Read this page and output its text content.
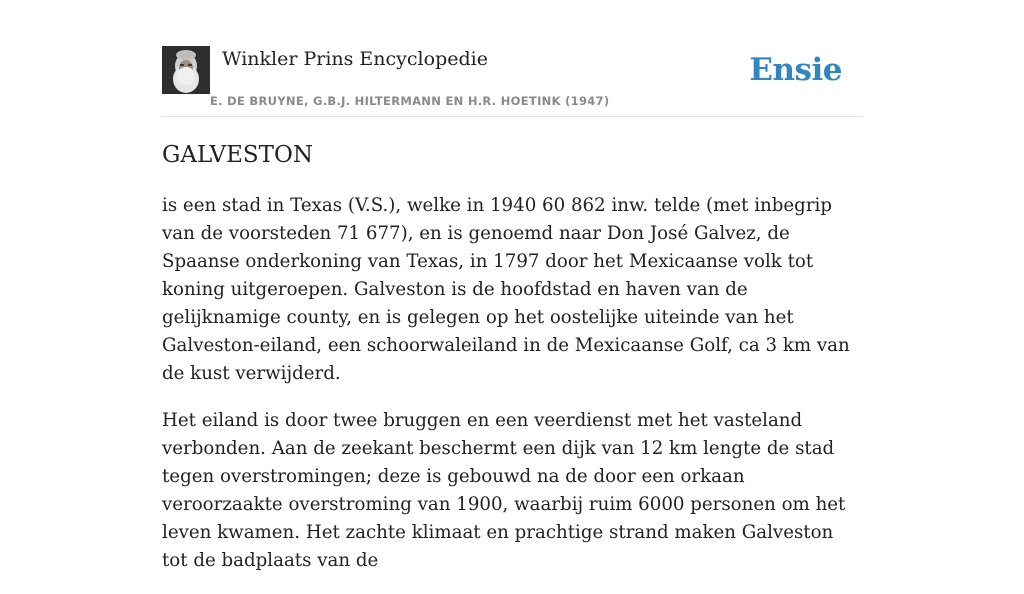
Winkler Prins Encyclopedie
E. DE BRUYNE, G.B.J. HILTERMANN EN H.R. HOETINK (1947)
Ensie
GALVESTON

is een stad in Texas (V.S.), welke in 1940 60 862 inw. telde (met inbegrip van de voorsteden 71 677), en is genoemd naar Don José Galvez, de Spaanse onderkoning van Texas, in 1797 door het Mexicaanse volk tot koning uitgeroepen. Galveston is de hoofdstad en haven van de gelijknamige county, en is gelegen op het oostelijke uiteinde van het Galveston-eiland, een schoorwaleiland in de Mexicaanse Golf, ca 3 km van de kust verwijderd.

Het eiland is door twee bruggen en een veerdienst met het vasteland verbonden. Aan de zeekant beschermt een dijk van 12 km lengte de stad tegen overstromingen; deze is gebouwd na de door een orkaan veroorzaakte overstroming van 1900, waarbij ruim 6000 personen om het leven kwamen. Het zachte klimaat en prachtige strand maken Galveston tot de badplaats van de
